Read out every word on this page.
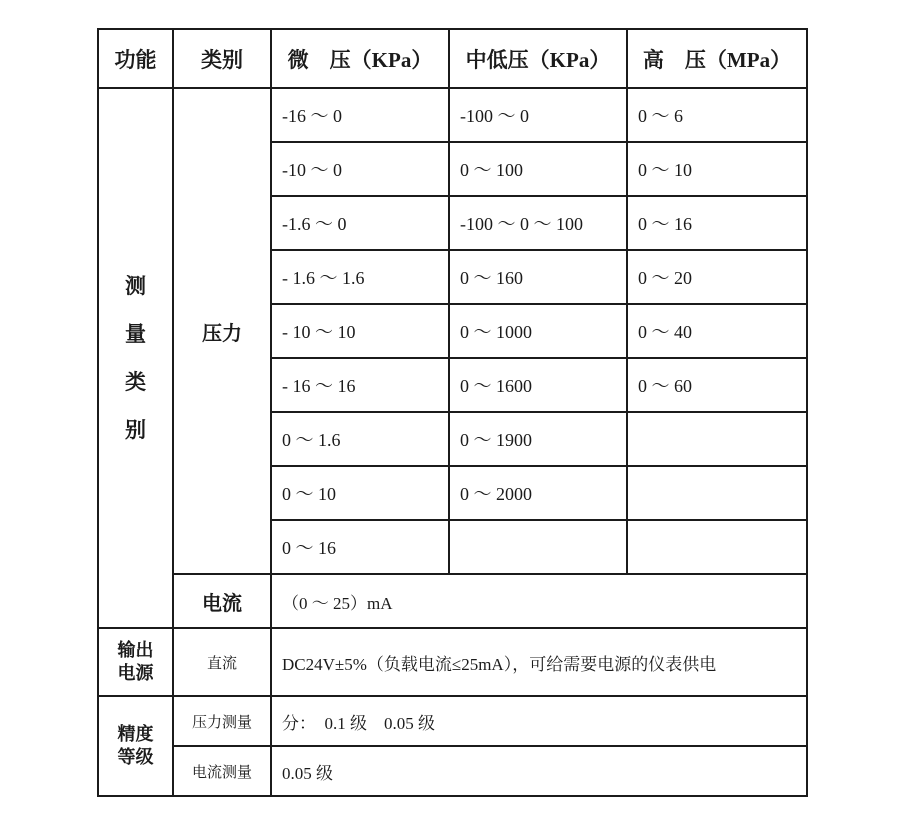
功能	类别	微　压（KPa）	中低压（KPa）	高　压（MPa）

测
量
类
别	压力	-16 ～ 0	-100 ～ 0	0 ～ 6
		-10 ～ 0	0 ～ 100	0 ～ 10
		-1.6 ～ 0	-100 ～ 0 ～ 100	0 ～ 16
		- 1.6 ～ 1.6	0 ～ 160	0 ～ 20
		- 10 ～ 10	0 ～ 1000	0 ～ 40
		- 16 ～ 16	0 ～ 1600	0 ～ 60
		0 ～ 1.6	0 ～ 1900	
		0 ～ 10	0 ～ 2000	
		0 ～ 16		
	电流	（0 ～ 25）mA		

输出
电源	直流	DC24V±5%（负载电流≤25mA），可给需要电源的仪表供电		

精度
等级	压力测量	分：  0.1 级    0.05 级		
	电流测量	0.05 级		
